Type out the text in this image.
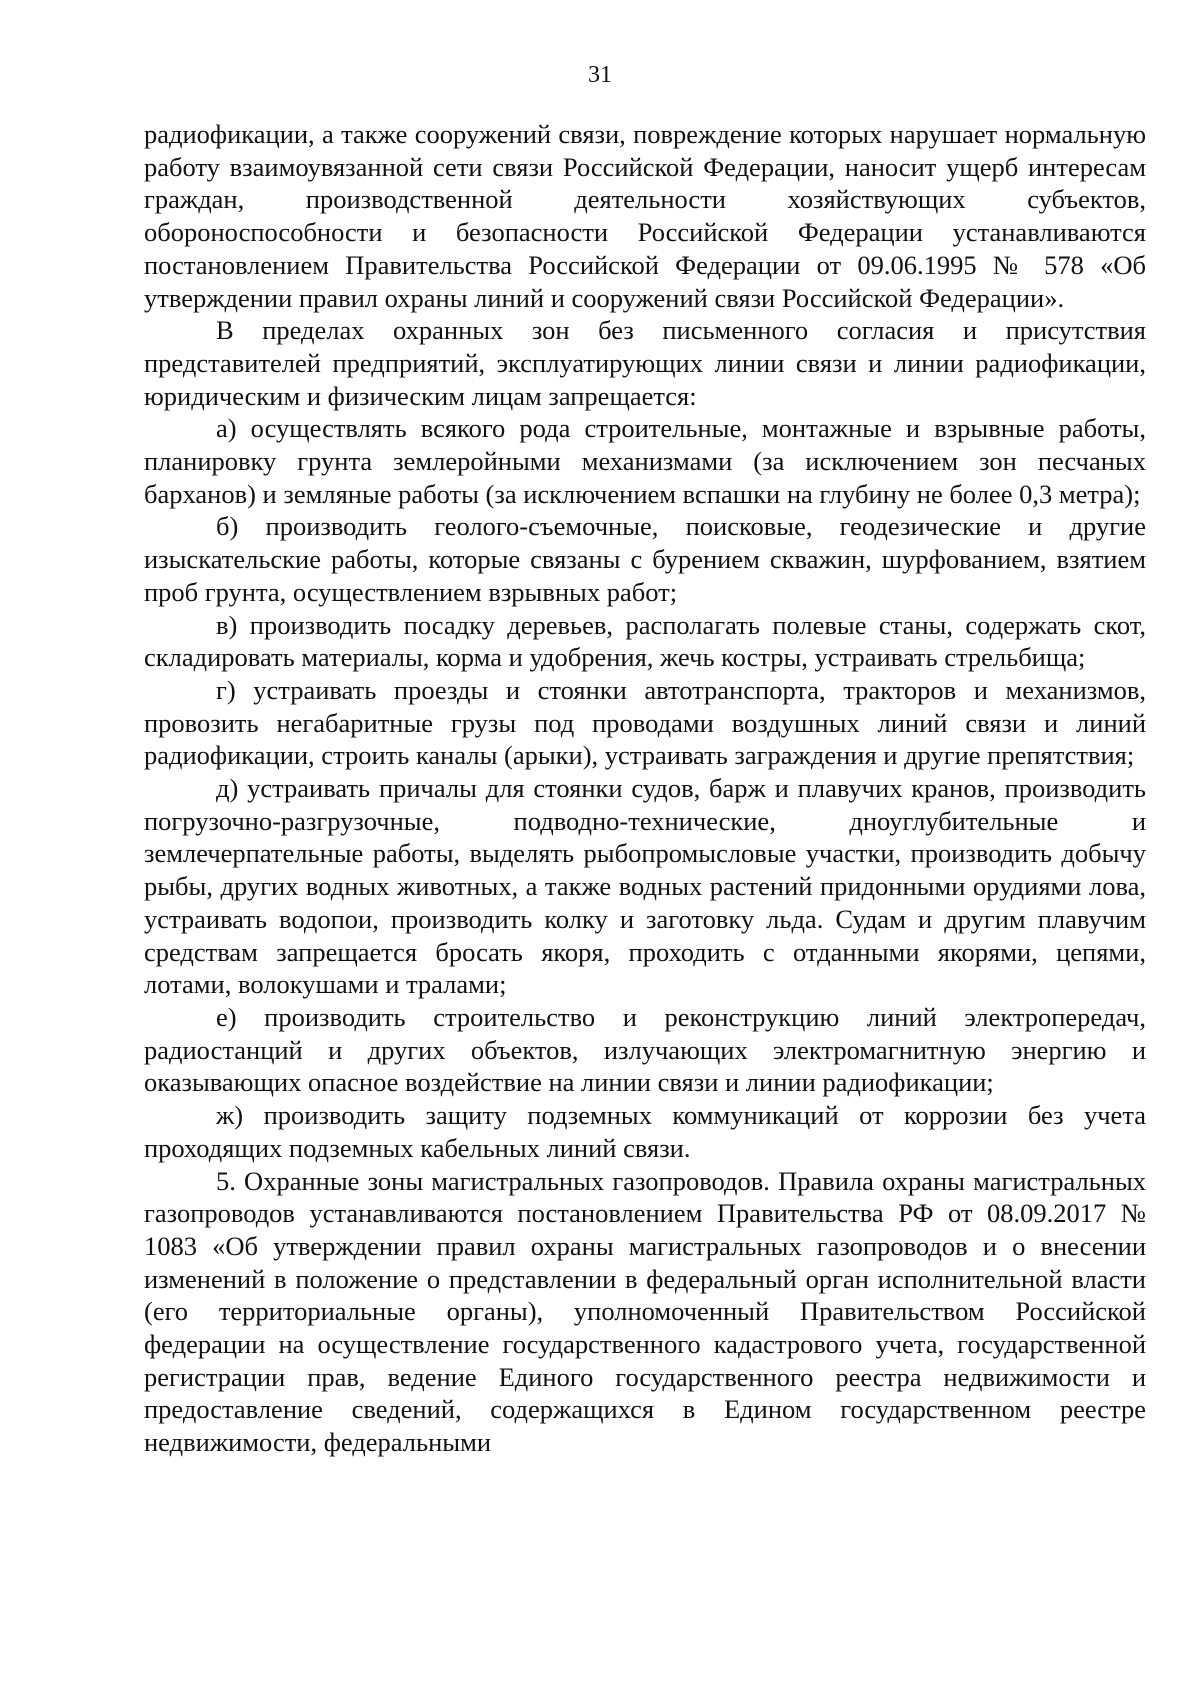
31

радиофикации, а также сооружений связи, повреждение которых нарушает нормальную работу взаимоувязанной сети связи Российской Федерации, наносит ущерб интересам граждан, производственной деятельности хозяйствующих субъектов, обороноспособности и безопасности Российской Федерации устанавливаются постановлением Правительства Российской Федерации от 09.06.1995 № 578 «Об утверждении правил охраны линий и сооружений связи Российской Федерации».

В пределах охранных зон без письменного согласия и присутствия представителей предприятий, эксплуатирующих линии связи и линии радиофикации, юридическим и физическим лицам запрещается:

а) осуществлять всякого рода строительные, монтажные и взрывные работы, планировку грунта землеройными механизмами (за исключением зон песчаных барханов) и земляные работы (за исключением вспашки на глубину не более 0,3 метра);

б) производить геолого-съемочные, поисковые, геодезические и другие изыскательские работы, которые связаны с бурением скважин, шурфованием, взятием проб грунта, осуществлением взрывных работ;

в) производить посадку деревьев, располагать полевые станы, содержать скот, складировать материалы, корма и удобрения, жечь костры, устраивать стрельбища;

г) устраивать проезды и стоянки автотранспорта, тракторов и механизмов, провозить негабаритные грузы под проводами воздушных линий связи и линий радиофикации, строить каналы (арыки), устраивать заграждения и другие препятствия;

д) устраивать причалы для стоянки судов, барж и плавучих кранов, производить погрузочно-разгрузочные, подводно-технические, дноуглубительные и землечерпательные работы, выделять рыбопромысловые участки, производить добычу рыбы, других водных животных, а также водных растений придонными орудиями лова, устраивать водопои, производить колку и заготовку льда. Судам и другим плавучим средствам запрещается бросать якоря, проходить с отданными якорями, цепями, лотами, волокушами и тралами;

е) производить строительство и реконструкцию линий электропередач, радиостанций и других объектов, излучающих электромагнитную энергию и оказывающих опасное воздействие на линии связи и линии радиофикации;

ж) производить защиту подземных коммуникаций от коррозии без учета проходящих подземных кабельных линий связи.

5. Охранные зоны магистральных газопроводов. Правила охраны магистральных газопроводов устанавливаются постановлением Правительства РФ от 08.09.2017 № 1083 «Об утверждении правил охраны магистральных газопроводов и о внесении изменений в положение о представлении в федеральный орган исполнительной власти (его территориальные органы), уполномоченный Правительством Российской федерации на осуществление государственного кадастрового учета, государственной регистрации прав, ведение Единого государственного реестра недвижимости и предоставление сведений, содержащихся в Едином государственном реестре недвижимости, федеральными
